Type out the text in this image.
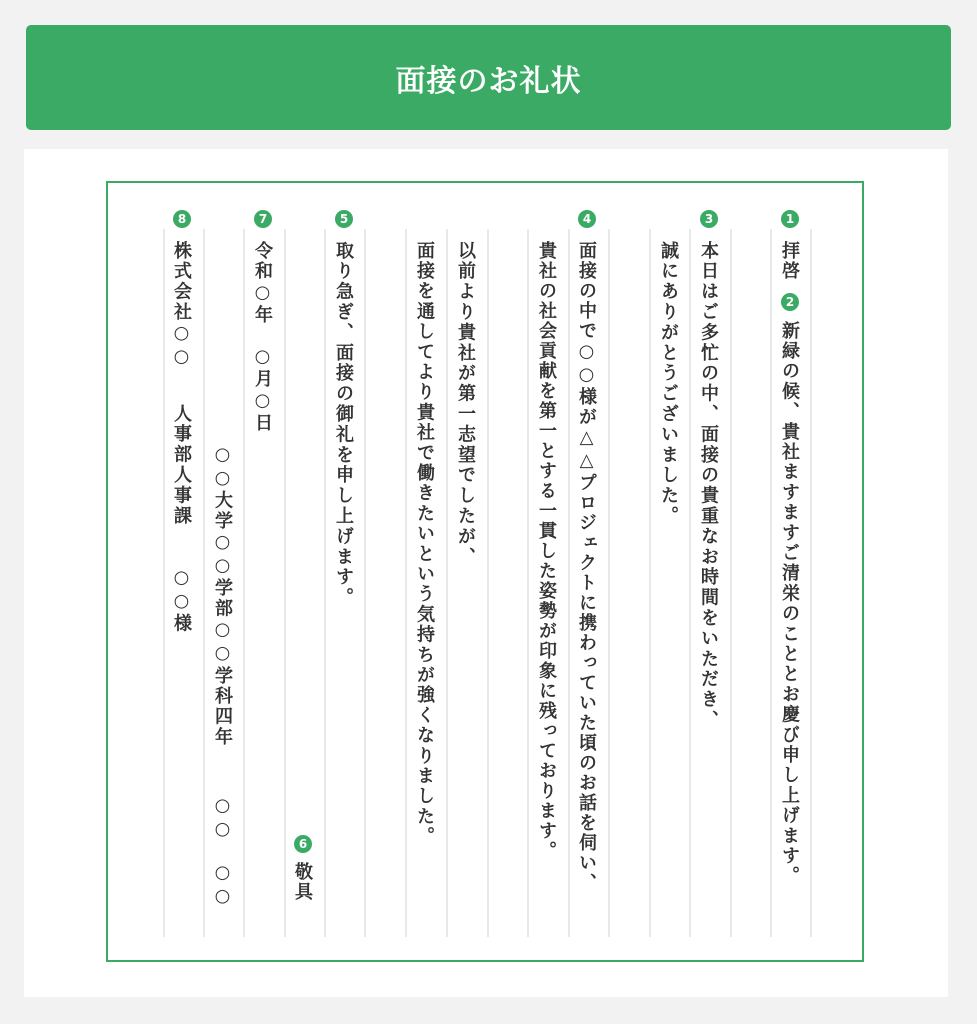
面接のお礼状
1
2
3
4
5
6
7
8
拝啓
新緑の候、貴社ますますご清栄のこととお慶び申し上げます。
本日はご多忙の中、面接の貴重なお時間をいただき、
誠にありがとうございました。
面接の中で○○様が△△プロジェクトに携わっていた頃のお話を伺い、
貴社の社会貢献を第一とする一貫した姿勢が印象に残っております。
以前より貴社が第一志望でしたが、
面接を通してより貴社で働きたいという気持ちが強くなりました。
取り急ぎ、面接の御礼を申し上げます。
敬具
令和○年　○月○日
○○大学○○学部○○学科四年
○○　○○
株式会社○○
人事部人事課
○○様
